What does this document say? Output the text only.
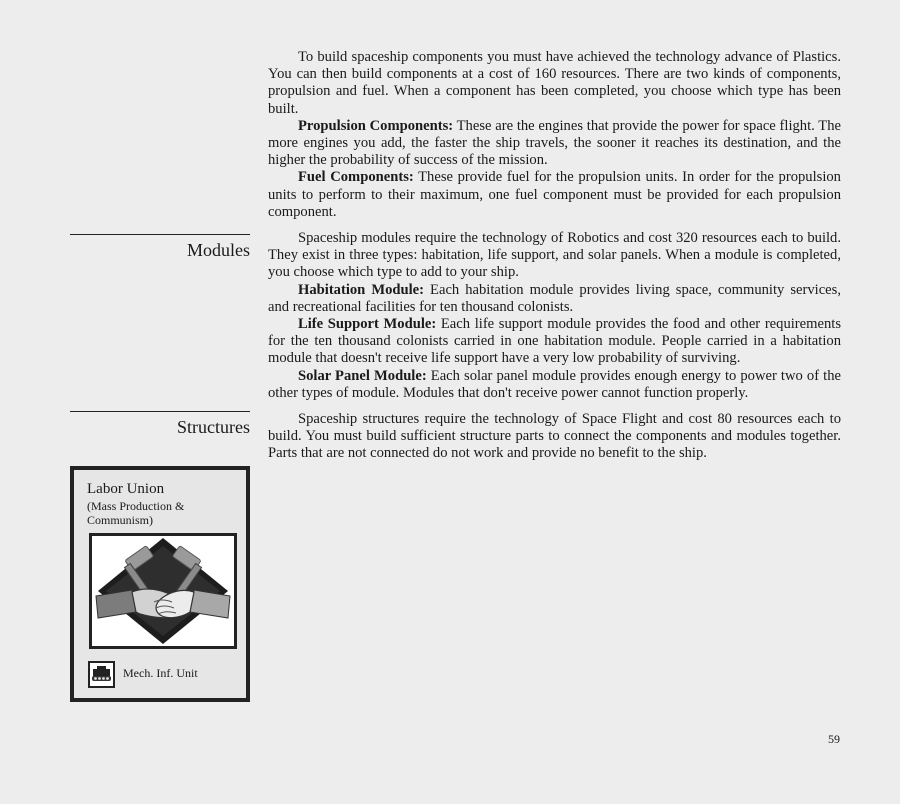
To build spaceship components you must have achieved the technology advance of Plastics. You can then build components at a cost of 160 resources. There are two kinds of components, propulsion and fuel. When a component has been completed, you choose which type has been built.

Propulsion Components: These are the engines that provide the power for space flight. The more engines you add, the faster the ship travels, the sooner it reaches its destination, and the higher the probability of success of the mission.

Fuel Components: These provide fuel for the propulsion units. In order for the propulsion units to perform to their maximum, one fuel component must be provided for each propulsion component.

Spaceship modules require the technology of Robotics and cost 320 resources each to build. They exist in three types: habitation, life support, and solar panels. When a module is completed, you choose which type to add to your ship.

Habitation Module: Each habitation module provides living space, community services, and recreational facilities for ten thousand colonists.

Life Support Module: Each life support module provides the food and other requirements for the ten thousand colonists carried in one habitation module. People carried in a habitation module that doesn't receive life support have a very low probability of surviving.

Solar Panel Module: Each solar panel module provides enough energy to power two of the other types of module. Modules that don't receive power cannot function properly.

Spaceship structures require the technology of Space Flight and cost 80 resources each to build. You must build sufficient structure parts to connect the components and modules together. Parts that are not connected do not work and provide no benefit to the ship.

Modules
Structures
Labor Union
(Mass Production & Communism)
Mech. Inf. Unit
59
